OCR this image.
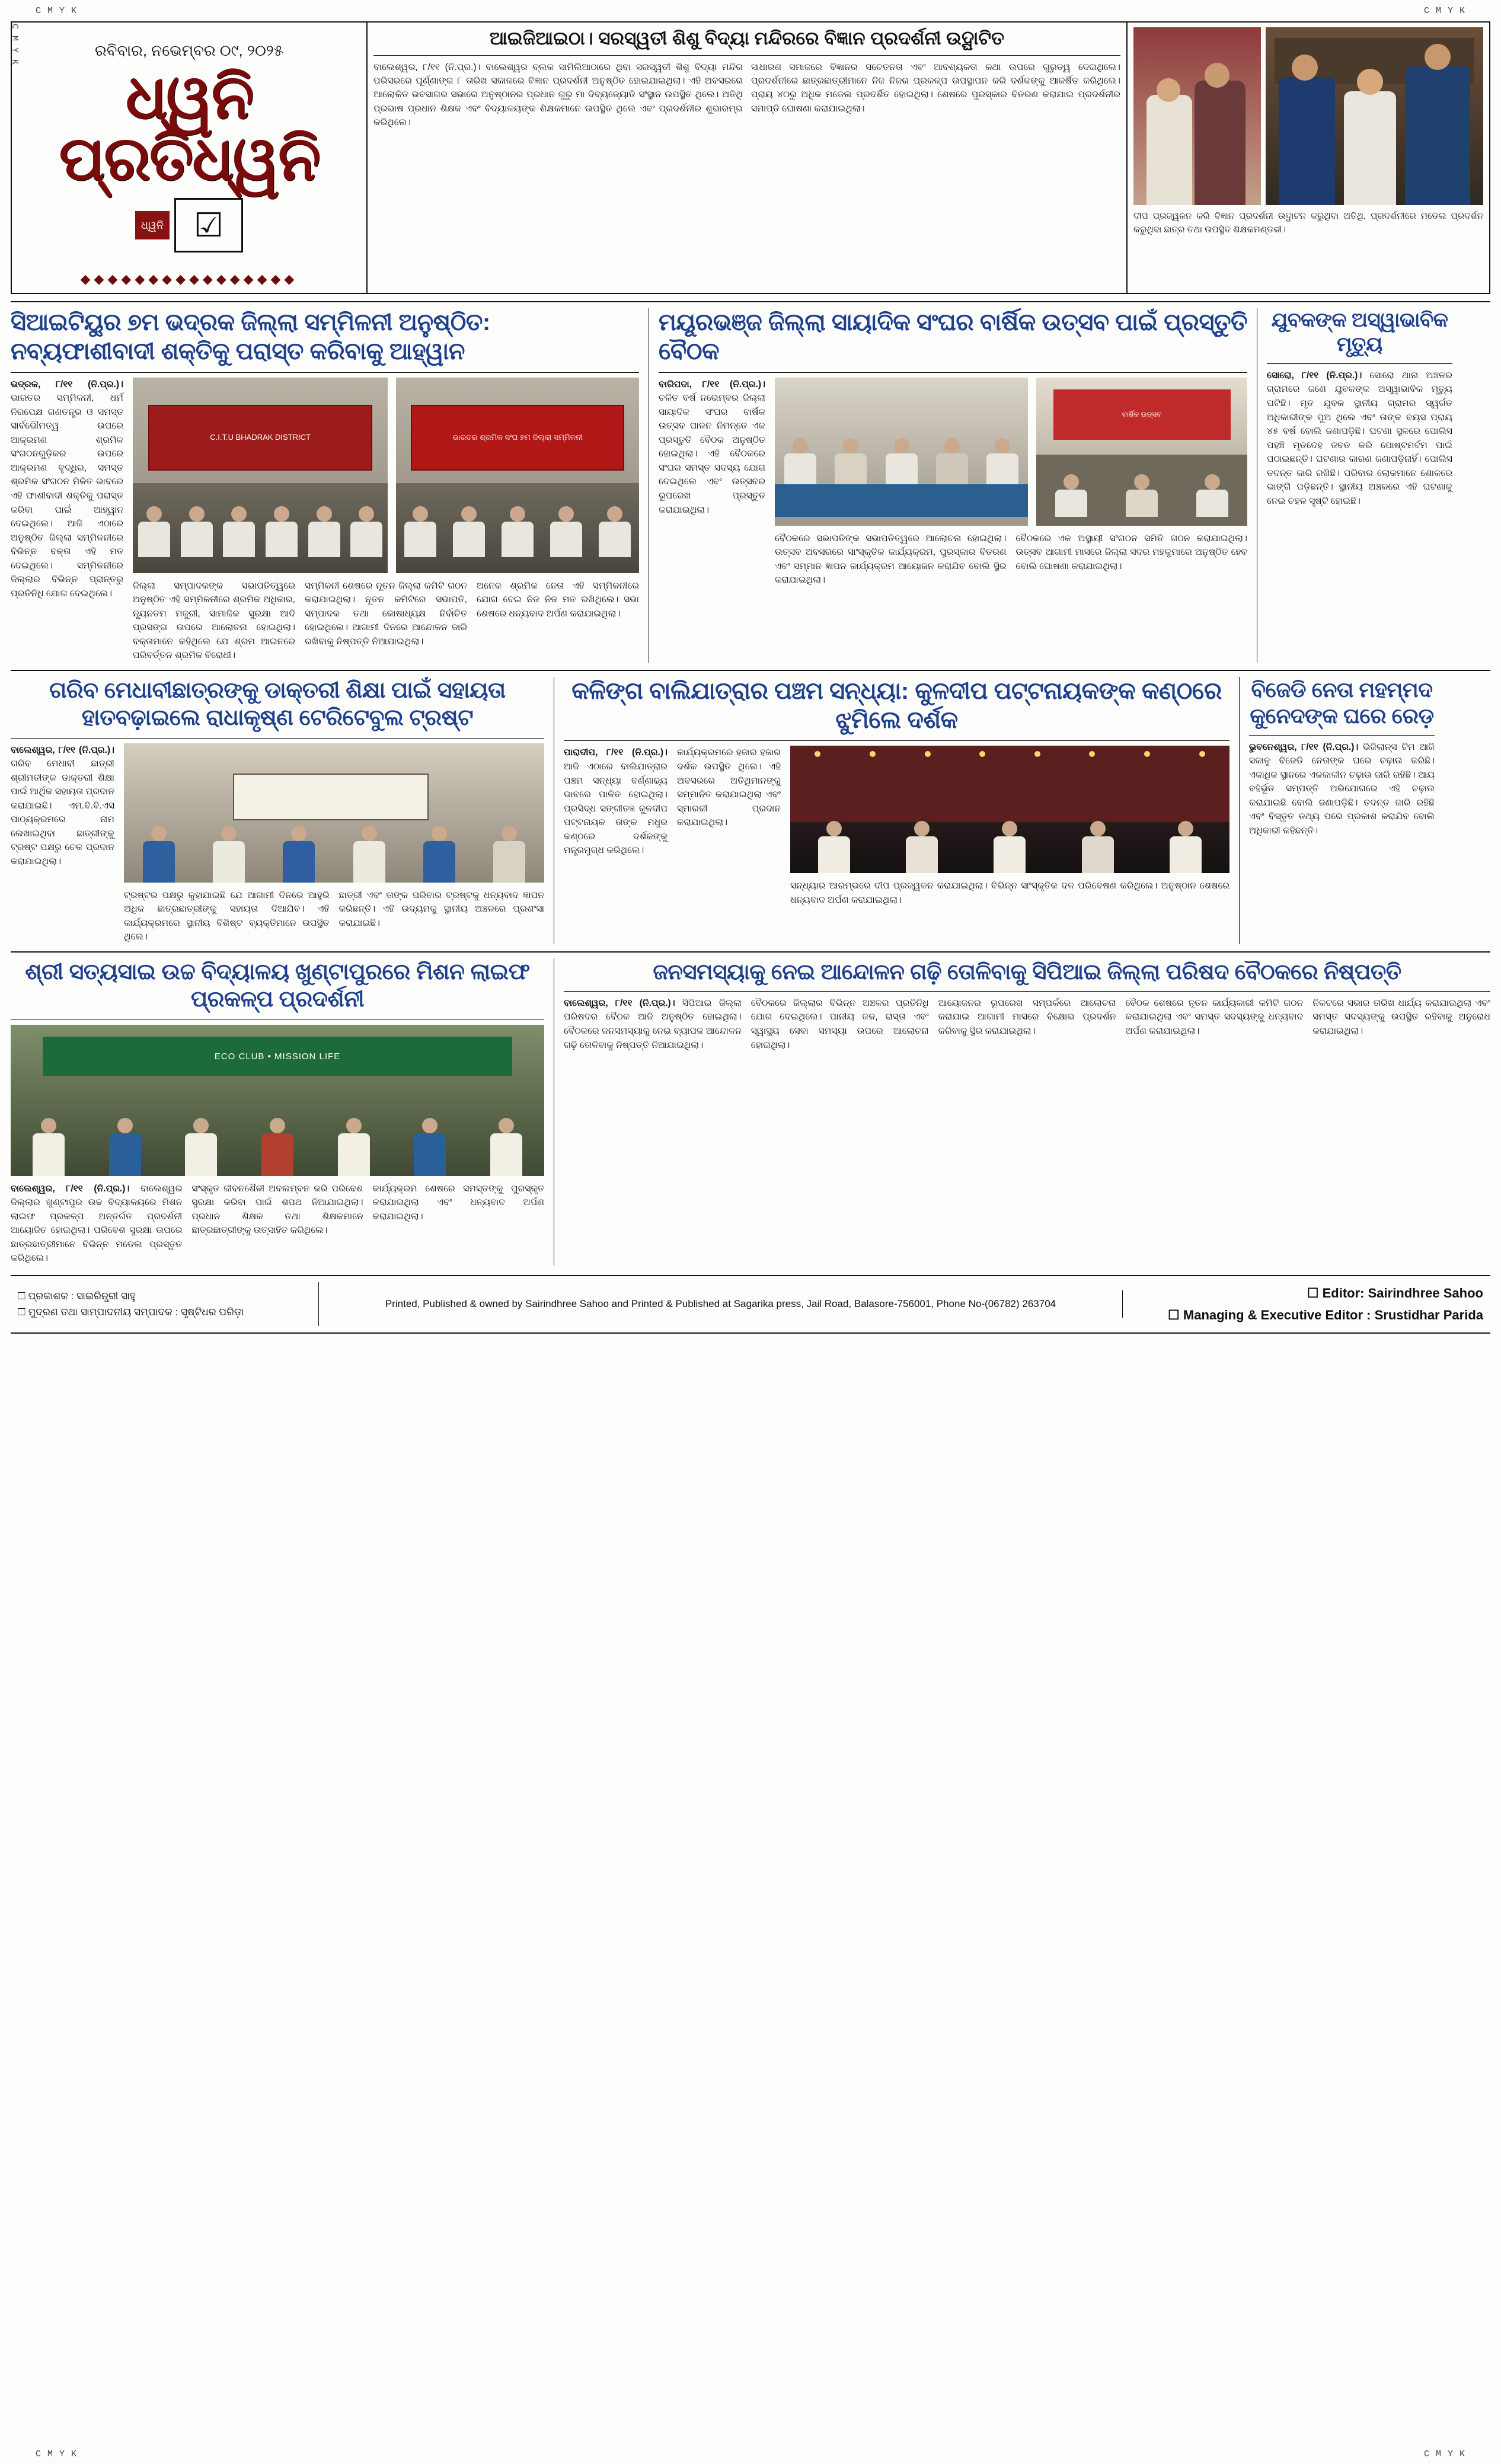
C M Y K
C M Y K
C M Y K
C M Y K	C M Y K
ରବିବାର, ନଭେମ୍ବର ୦୯, ୨୦୨୫
ଧ୍ୱନି ପ୍ରତିଧ୍ୱନି
ଧ୍ୱନି ☑
◆◆◆◆◆◆◆◆◆◆◆◆◆◆◆◆
ଆଇଜିଆଇଠା। ସରସ୍ୱତୀ ଶିଶୁ ବିଦ୍ୟା ମନ୍ଦିରରେ ବିଜ୍ଞାନ ପ୍ରଦର୍ଶନୀ ଉଦ୍ଘାଟିତ
ବାଲେଶ୍ୱର, ୮/୧୧ (ନି.ପ୍ର.)। ବାଲେଶ୍ୱର ବ୍ଲକ ସାମିଲିଆଠାରେ ଥିବା ସରସ୍ୱତୀ ଶିଶୁ ବିଦ୍ୟା ମନ୍ଦିର ପରିସରରେ ପୂର୍ଣ୍ଣାଙ୍ଗ ୮ ତାରିଖ ସକାଳରେ ବିଜ୍ଞାନ ପ୍ରଦର୍ଶନୀ ଅନୁଷ୍ଠିତ ହୋଇଯାଇଥିଲା। ଏହି ଅବସରରେ ଆଲୋକିତ ଭବସାଗର ସଭାରେ ଅନୁଷ୍ଠାନର ପ୍ରଧାନ ଗୁରୁ ମା ଦିବ୍ୟଜ୍ୟୋତି ସଂସ୍ଥାନ ଉପସ୍ଥିତ ଥିଲେ। ଅତିଥି ପ୍ରଭାଷ ପ୍ରଧାନ ଶିକ୍ଷକ ଏବଂ ବିଦ୍ୟାଳୟଙ୍କ ଶିକ୍ଷକମାନେ ଉପସ୍ଥିତ ଥିଲେ ଏବଂ ପ୍ରଦର୍ଶନୀର ଶୁଭାରମ୍ଭ କରିଥିଲେ।
ସାଧାରଣ ସମାଜରେ ବିଜ୍ଞାନର ସଚେତନତା ଏବଂ ଆବଶ୍ୟକତା କଥା ଉପରେ ଗୁରୁତ୍ୱ ଦେଇଥିଲେ। ପ୍ରଦର୍ଶନୀରେ ଛାତ୍ରଛାତ୍ରୀମାନେ ନିଜ ନିଜର ପ୍ରକଳ୍ପ ଉପସ୍ଥାପନ କରି ଦର୍ଶକଙ୍କୁ ଆକର୍ଷିତ କରିଥିଲେ। ପ୍ରାୟ ୪୦ରୁ ଅଧିକ ମଡେଲ ପ୍ରଦର୍ଶିତ ହୋଇଥିଲା। ଶେଷରେ ପୁରସ୍କାର ବିତରଣ କରାଯାଇ ପ୍ରଦର୍ଶନୀର ସମାପ୍ତି ଘୋଷଣା କରାଯାଇଥିଲା।
ଦୀପ ପ୍ରଜ୍ୱଳନ କରି ବିଜ୍ଞାନ ପ୍ରଦର୍ଶନୀ ଉଦ୍ଘାଟନ କରୁଥିବା ଅତିଥି, ପ୍ରଦର୍ଶନୀରେ ମଡେଲ ପ୍ରଦର୍ଶନ କରୁଥିବା ଛାତ୍ର ତଥା ଉପସ୍ଥିତ ଶିକ୍ଷକମଣ୍ଡଳୀ।
ସିଆଇଟିୟୁର ୭ମ ଭଦ୍ରକ ଜିଲ୍ଲା ସମ୍ମିଳନୀ ଅନୁଷ୍ଠିତ: ନବ୍ୟଫାଶୀବାଦୀ ଶକ୍ତିକୁ ପରାସ୍ତ କରିବାକୁ ଆହ୍ୱାନ
ଭଦ୍ରକ, ୮/୧୧ (ନି.ପ୍ର.)। ଭାରତର ସମ୍ମିଳନୀ, ଧର୍ମ ନିରପେକ୍ଷ ଗଣତନ୍ତ୍ର ଓ ସମସ୍ତ ସାର୍ବଭୌମତ୍ୱ ଉପରେ ଆକ୍ରମଣ ଶ୍ରମିକ ସଂଗଠନଗୁଡ଼ିକର ଉପରେ ଆକ୍ରମଣ ବୃଦ୍ଧିର, ସମସ୍ତ ଶ୍ରମିକ ସଂଗଠନ ମିଳିତ ଭାବରେ ଏହି ଫାଶୀବାଦୀ ଶକ୍ତିକୁ ପରାସ୍ତ କରିବା ପାଇଁ ଆହ୍ୱାନ ଦେଇଥିଲେ। ଆଜି ଏଠାରେ ଅନୁଷ୍ଠିତ ଜିଲ୍ଲା ସମ୍ମିଳନୀରେ ବିଭିନ୍ନ ବକ୍ତା ଏହି ମତ ଦେଇଥିଲେ। ସମ୍ମିଳନୀରେ ଜିଲ୍ଲାର ବିଭିନ୍ନ ପ୍ରାନ୍ତରୁ ପ୍ରତିନିଧି ଯୋଗ ଦେଇଥିଲେ।
C.I.T.U BHADRAK DISTRICT	ଭାରତର ଶ୍ରମିକ ସଂଘ ୭ମ ଜିଲ୍ଲା ସମ୍ମିଳନୀ
ଜିଲ୍ଲା ସମ୍ପାଦକଙ୍କ ସଭାପତିତ୍ୱରେ ଅନୁଷ୍ଠିତ ଏହି ସମ୍ମିଳନୀରେ ଶ୍ରମିକ ଅଧିକାର, ନ୍ୟୂନତମ ମଜୁରୀ, ସାମାଜିକ ସୁରକ୍ଷା ଆଦି ପ୍ରସଙ୍ଗ ଉପରେ ଆଲୋଚନା ହୋଇଥିଲା। ବକ୍ତାମାନେ କହିଥିଲେ ଯେ ଶ୍ରମ ଆଇନରେ ପରିବର୍ତ୍ତନ ଶ୍ରମିକ ବିରୋଧୀ।
ସମ୍ମିଳନୀ ଶେଷରେ ନୂତନ ଜିଲ୍ଲା କମିଟି ଗଠନ କରାଯାଇଥିଲା। ନୂତନ କମିଟିରେ ସଭାପତି, ସମ୍ପାଦକ ତଥା କୋଷାଧ୍ୟକ୍ଷ ନିର୍ବାଚିତ ହୋଇଥିଲେ। ଆଗାମୀ ଦିନରେ ଆନ୍ଦୋଳନ ଜାରି ରଖିବାକୁ ନିଷ୍ପତ୍ତି ନିଆଯାଇଥିଲା।
ଅନେକ ଶ୍ରମିକ ନେତା ଏହି ସମ୍ମିଳନୀରେ ଯୋଗ ଦେଇ ନିଜ ନିଜ ମତ ରଖିଥିଲେ। ସଭା ଶେଷରେ ଧନ୍ୟବାଦ ଅର୍ପଣ କରାଯାଇଥିଲା।
ମୟୂରଭଞ୍ଜ ଜିଲ୍ଲା ସାୟାଦିକ ସଂଘର ବାର୍ଷିକ ଉତ୍ସବ ପାଇଁ ପ୍ରସ୍ତୁତି ବୈଠକ
ବାରିପଦା, ୮/୧୧ (ନି.ପ୍ର.)। ଚଳିତ ବର୍ଷ ନଭେମ୍ବର ଜିଲ୍ଲା ସାୟାଦିକ ସଂଘର ବାର୍ଷିକ ଉତ୍ସବ ପାଳନ ନିମନ୍ତେ ଏକ ପ୍ରସ୍ତୁତି ବୈଠକ ଅନୁଷ୍ଠିତ ହୋଇଥିଲା। ଏହି ବୈଠକରେ ସଂଘର ସମସ୍ତ ସଦସ୍ୟ ଯୋଗ ଦେଇଥିଲେ ଏବଂ ଉତ୍ସବର ରୂପରେଖ ପ୍ରସ୍ତୁତ କରାଯାଇଥିଲା।
ବାର୍ଷିକ ଉତ୍ସବ
ବୈଠକରେ ସଭାପତିଙ୍କ ସଭାପତିତ୍ୱରେ ଆଲୋଚନା ହୋଇଥିଲା। ଉତ୍ସବ ଅବସରରେ ସାଂସ୍କୃତିକ କାର୍ଯ୍ୟକ୍ରମ, ପୁରସ୍କାର ବିତରଣ ଏବଂ ସମ୍ମାନ ଜ୍ଞାପନ କାର୍ଯ୍ୟକ୍ରମ ଆୟୋଜନ କରାଯିବ ବୋଲି ସ୍ଥିର କରାଯାଇଥିଲା।
ବୈଠକରେ ଏକ ଅସ୍ଥାୟୀ ସଂଗଠନ ସମିତି ଗଠନ କରାଯାଇଥିଲା। ଉତ୍ସବ ଆଗାମୀ ମାସରେ ଜିଲ୍ଲା ସଦର ମହକୁମାରେ ଅନୁଷ୍ଠିତ ହେବ ବୋଲି ଘୋଷଣା କରାଯାଇଥିଲା।
ଯୁବକଙ୍କ ଅସ୍ୱାଭାବିକ ମୃତ୍ୟୁ
ସୋରୋ, ୮/୧୧ (ନି.ପ୍ର.)। ସୋରୋ ଥାନା ଅଞ୍ଚଳର ଗ୍ରାମରେ ଜଣେ ଯୁବକଙ୍କ ଅସ୍ୱାଭାବିକ ମୃତ୍ୟୁ ଘଟିଛି। ମୃତ ଯୁବକ ସ୍ଥାନୀୟ ଗ୍ରାମର ସ୍ୱର୍ଗତ ଅଧିକାରୀଙ୍କ ପୁଅ ଥିଲେ ଏବଂ ତାଙ୍କ ବୟସ ପ୍ରାୟ ୪୫ ବର୍ଷ ବୋଲି ଜଣାପଡ଼ିଛି। ଘଟଣା ସ୍ଥଳରେ ପୋଲିସ ପହଞ୍ଚି ମୃତଦେହ ଜବତ କରି ପୋଷ୍ଟମର୍ଟମ ପାଇଁ ପଠାଇଛନ୍ତି। ଘଟଣାର କାରଣ ଜଣାପଡ଼ିନାହିଁ। ପୋଲିସ ତଦନ୍ତ ଜାରି ରଖିଛି। ପରିବାର ଲୋକମାନେ ଶୋକରେ ଭାଙ୍ଗି ପଡ଼ିଛନ୍ତି। ସ୍ଥାନୀୟ ଅଞ୍ଚଳରେ ଏହି ଘଟଣାକୁ ନେଇ ଚହଳ ସୃଷ୍ଟି ହୋଇଛି।
ଗରିବ ମେଧାବୀଛାତ୍ରଙ୍କୁ ଡାକ୍ତରୀ ଶିକ୍ଷା ପାଇଁ ସହାୟତା ହାତବଢ଼ାଇଲେ ରାଧାକୃଷ୍ଣ ଟେରିଟେବୁଲ ଟ୍ରଷ୍ଟ
ବାଲେଶ୍ୱର, ୮/୧୧ (ନି.ପ୍ର.)। ଗରିବ ମେଧାବୀ ଛାତ୍ରୀ ଶ୍ରୀମତୀଙ୍କ ଡାକ୍ତରୀ ଶିକ୍ଷା ପାଇଁ ଆର୍ଥିକ ସହାୟତା ପ୍ରଦାନ କରାଯାଇଛି। ଏମ.ବି.ବି.ଏସ ପାଠ୍ୟକ୍ରମରେ ନାମ ଲେଖାଇଥିବା ଛାତ୍ରୀଙ୍କୁ ଟ୍ରଷ୍ଟ ପକ୍ଷରୁ ଚେକ ପ୍ରଦାନ କରାଯାଇଥିଲା।
ଟ୍ରଷ୍ଟର ପକ୍ଷରୁ କୁହାଯାଇଛି ଯେ ଆଗାମୀ ଦିନରେ ଆହୁରି ଅଧିକ ଛାତ୍ରଛାତ୍ରୀଙ୍କୁ ସହାୟତା ଦିଆଯିବ। ଏହି କାର୍ଯ୍ୟକ୍ରମରେ ସ୍ଥାନୀୟ ବିଶିଷ୍ଟ ବ୍ୟକ୍ତିମାନେ ଉପସ୍ଥିତ ଥିଲେ।
ଛାତ୍ରୀ ଏବଂ ତାଙ୍କ ପରିବାର ଟ୍ରଷ୍ଟକୁ ଧନ୍ୟବାଦ ଜ୍ଞାପନ କରିଛନ୍ତି। ଏହି ଉଦ୍ୟମକୁ ସ୍ଥାନୀୟ ଅଞ୍ଚଳରେ ପ୍ରଶଂସା କରାଯାଇଛି।
କଳିଙ୍ଗ ବାଲିଯାତ୍ରାର ପଞ୍ଚମ ସନ୍ଧ୍ୟା: କୁଳଦୀପ ପଟ୍ଟନାୟକଙ୍କ କଣ୍ଠରେ ଝୁମିଲେ ଦର୍ଶକ
ପାରାଦୀପ, ୮/୧୧ (ନି.ପ୍ର.)। ଆଜି ଏଠାରେ ବାଲିଯାତ୍ରାର ପଞ୍ଚମ ସନ୍ଧ୍ୟା ବର୍ଣ୍ଣାଢ୍ୟ ଭାବରେ ପାଳିତ ହୋଇଥିଲା। ପ୍ରସିଦ୍ଧ ସଙ୍ଗୀତଜ୍ଞ କୁଳଦୀପ ପଟ୍ଟନାୟକ ତାଙ୍କ ମଧୁର କଣ୍ଠରେ ଦର୍ଶକଙ୍କୁ ମନ୍ତ୍ରମୁଗ୍ଧ କରିଥିଲେ।
କାର୍ଯ୍ୟକ୍ରମରେ ହଜାର ହଜାର ଦର୍ଶକ ଉପସ୍ଥିତ ଥିଲେ। ଏହି ଅବସରରେ ଅତିଥିମାନଙ୍କୁ ସମ୍ମାନିତ କରାଯାଇଥିଲା ଏବଂ ସ୍ମାରକୀ ପ୍ରଦାନ କରାଯାଇଥିଲା।
ସନ୍ଧ୍ୟାର ଆରମ୍ଭରେ ଦୀପ ପ୍ରଜ୍ୱଳନ କରାଯାଇଥିଲା। ବିଭିନ୍ନ ସାଂସ୍କୃତିକ ଦଳ ପରିବେଷଣ କରିଥିଲେ। ଅନୁଷ୍ଠାନ ଶେଷରେ ଧନ୍ୟବାଦ ଅର୍ପଣ କରାଯାଇଥିଲା।
ବିଜେଡି ନେତା ମହମ୍ମଦ କୁନେଦଙ୍କ ଘରେ ରେଡ଼
ଭୁବନେଶ୍ୱର, ୮/୧୧ (ନି.ପ୍ର.)। ଭିଜିଲାନ୍ସ ଟିମ ଆଜି ସକାଳୁ ବିଜେଡି ନେତାଙ୍କ ଘରେ ଚଢ଼ାଉ କରିଛି। ଏକାଧିକ ସ୍ଥାନରେ ଏକକାଳୀନ ଚଢ଼ାଉ ଜାରି ରହିଛି। ଆୟ ବହିର୍ଭୂତ ସମ୍ପତ୍ତି ଅଭିଯୋଗରେ ଏହି ଚଢ଼ାଉ କରାଯାଇଛି ବୋଲି ଜଣାପଡ଼ିଛି। ତଦନ୍ତ ଜାରି ରହିଛି ଏବଂ ବିସ୍ତୃତ ତଥ୍ୟ ପରେ ପ୍ରକାଶ କରାଯିବ ବୋଲି ଅଧିକାରୀ କହିଛନ୍ତି।
ଶ୍ରୀ ସତ୍ୟସାଇ ଉଚ୍ଚ ବିଦ୍ୟାଳୟ ଖୁଣ୍ଟାପୁରରେ ମିଶନ ଲାଇଫ ପ୍ରକଳ୍ପ ପ୍ରଦର୍ଶନୀ
ECO CLUB • MISSION LIFE
ବାଲେଶ୍ୱର, ୮/୧୧ (ନି.ପ୍ର.)। ବାଲେଶ୍ୱର ଜିଲ୍ଲାର ଖୁଣ୍ଟାପୁର ଉଚ୍ଚ ବିଦ୍ୟାଳୟରେ ମିଶନ ଲାଇଫ ପ୍ରକଳ୍ପ ଅନ୍ତର୍ଗତ ପ୍ରଦର୍ଶନୀ ଆୟୋଜିତ ହୋଇଥିଲା। ପରିବେଶ ସୁରକ୍ଷା ଉପରେ ଛାତ୍ରଛାତ୍ରୀମାନେ ବିଭିନ୍ନ ମଡେଲ ପ୍ରସ୍ତୁତ କରିଥିଲେ।
ସଂସ୍କୃତ ଜୀବନଶୈଳୀ ଅବଲମ୍ବନ କରି ପରିବେଶ ସୁରକ୍ଷା କରିବା ପାଇଁ ଶପଥ ନିଆଯାଇଥିଲା। ପ୍ରଧାନ ଶିକ୍ଷକ ତଥା ଶିକ୍ଷକମାନେ ଛାତ୍ରଛାତ୍ରୀଙ୍କୁ ଉତ୍ସାହିତ କରିଥିଲେ।
କାର୍ଯ୍ୟକ୍ରମ ଶେଷରେ ସମସ୍ତଙ୍କୁ ପୁରସ୍କୃତ କରାଯାଇଥିଲା ଏବଂ ଧନ୍ୟବାଦ ଅର୍ପଣ କରାଯାଇଥିଲା।
ଜନସମସ୍ୟାକୁ ନେଇ ଆନ୍ଦୋଳନ ଗଢ଼ି ତୋଳିବାକୁ ସିପିଆଇ ଜିଲ୍ଲା ପରିଷଦ ବୈଠକରେ ନିଷ୍ପତ୍ତି
ବାଲେଶ୍ୱର, ୮/୧୧ (ନି.ପ୍ର.)। ସିପିଆଇ ଜିଲ୍ଲା ପରିଷଦର ବୈଠକ ଆଜି ଅନୁଷ୍ଠିତ ହୋଇଥିଲା। ବୈଠକରେ ଜନସମସ୍ୟାକୁ ନେଇ ବ୍ୟାପକ ଆନ୍ଦୋଳନ ଗଢ଼ି ତୋଳିବାକୁ ନିଷ୍ପତ୍ତି ନିଆଯାଇଥିଲା।
ବୈଠକରେ ଜିଲ୍ଲାର ବିଭିନ୍ନ ଅଞ୍ଚଳର ପ୍ରତିନିଧି ଯୋଗ ଦେଇଥିଲେ। ପାନୀୟ ଜଳ, ରାସ୍ତା ଏବଂ ସ୍ୱାସ୍ଥ୍ୟ ସେବା ସମସ୍ୟା ଉପରେ ଆଲୋଚନା ହୋଇଥିଲା।
ଆୟୋଜନର ରୂପରେଖ ସମ୍ପର୍କରେ ଆଲୋଚନା କରାଯାଇ ଆଗାମୀ ମାସରେ ବିକ୍ଷୋଭ ପ୍ରଦର୍ଶନ କରିବାକୁ ସ୍ଥିର କରାଯାଇଥିଲା।
ବୈଠକ ଶେଷରେ ନୂତନ କାର୍ଯ୍ୟକାରୀ କମିଟି ଗଠନ କରାଯାଇଥିଲା ଏବଂ ସମସ୍ତ ସଦସ୍ୟଙ୍କୁ ଧନ୍ୟବାଦ ଅର୍ପଣ କରାଯାଇଥିଲା।
ନିକଟରେ ସଭାର ତାରିଖ ଧାର୍ଯ୍ୟ କରାଯାଇଥିଲା ଏବଂ ସମସ୍ତ ସଦସ୍ୟଙ୍କୁ ଉପସ୍ଥିତ ରହିବାକୁ ଅନୁରୋଧ କରାଯାଇଥିଲା।
☐ ପ୍ରକାଶକ : ସାଇରିନ୍ଧ୍ରୀ ସାହୁ
☐ ମୁଦ୍ରଣ ତଥା ସାମ୍ପାଦନୀୟ ସମ୍ପାଦକ : ସୃଷ୍ଟିଧର ପରିଡ଼ା
Printed, Published & owned by Sairindhree Sahoo and Printed & Published at Sagarika press, Jail Road, Balasore-756001, Phone No-(06782) 263704
☐ Editor: Sairindhree Sahoo
☐ Managing & Executive Editor : Srustidhar Parida
